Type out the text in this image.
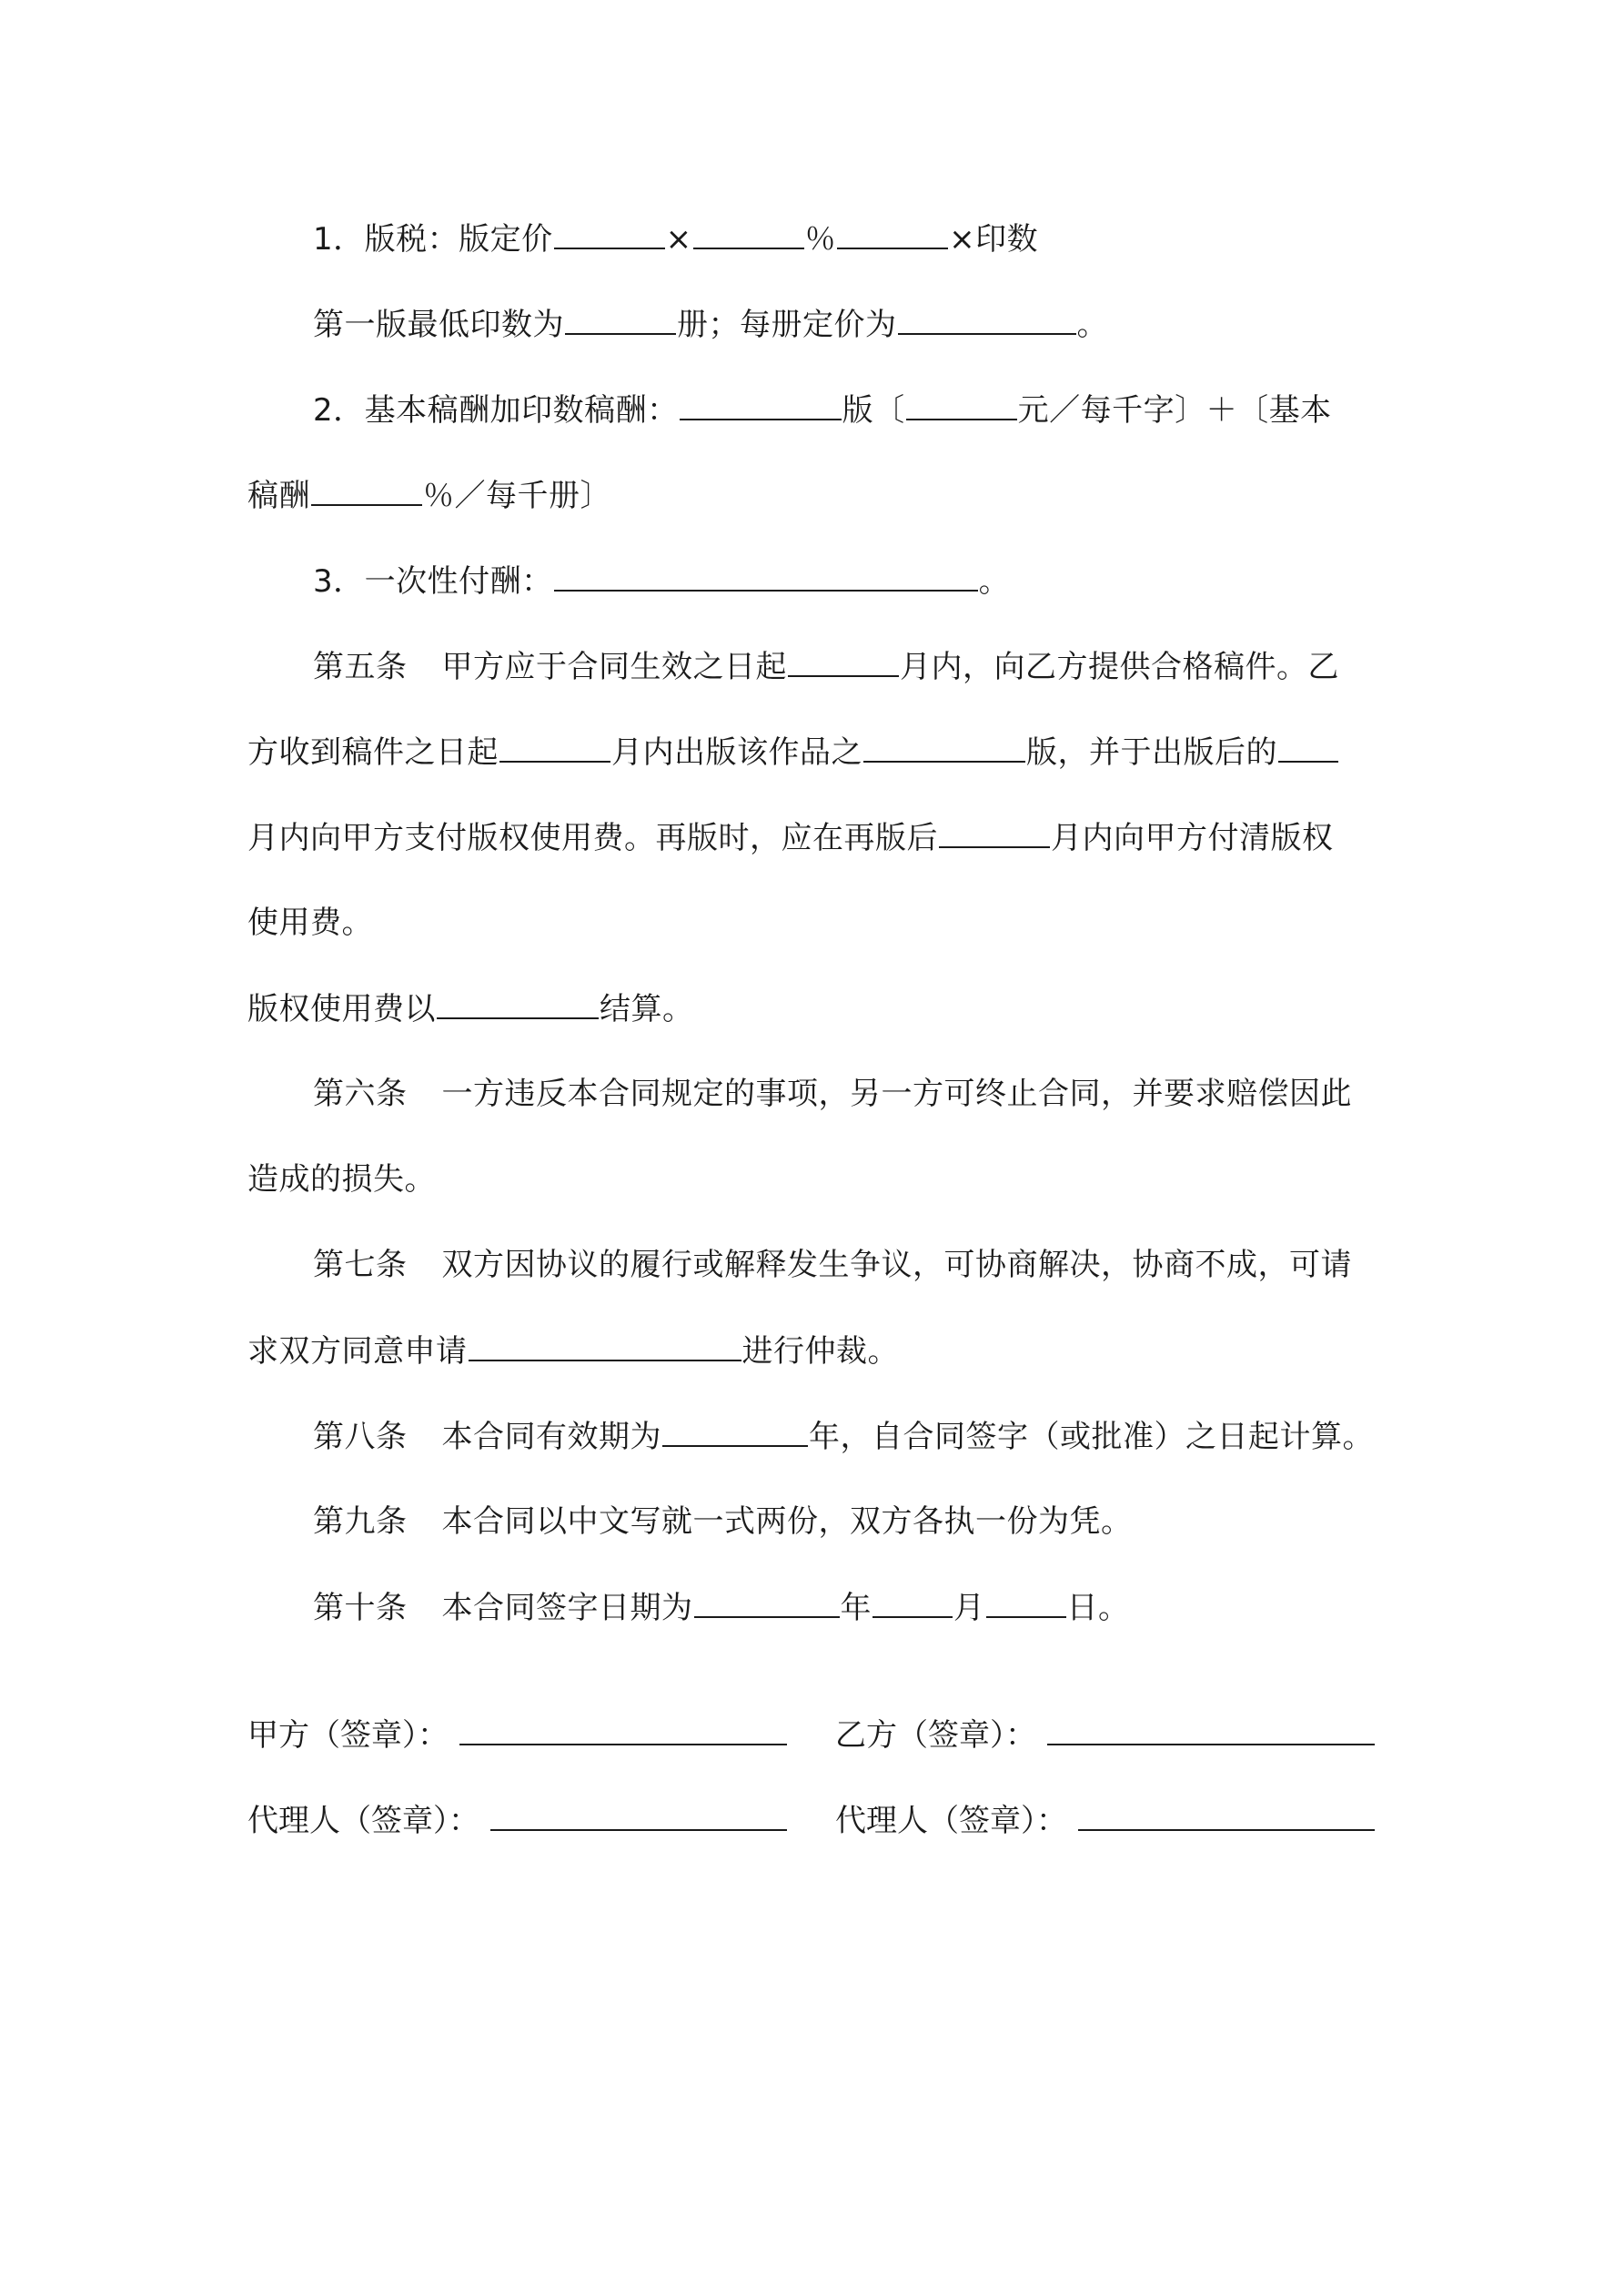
1．版税：版定价	×	％	×印数
第一版最低印数为	册；每册定价为	。
2．基本稿酬加印数稿酬：	版〔	元／每千字〕＋〔基本
稿酬	％／每千册〕
3．一次性付酬：	。
第五条 甲方应于合同生效之日起	月内，向乙方提供合格稿件。乙
方收到稿件之日起	月内出版该作品之	版，并于出版后的
月内向甲方支付版权使用费。再版时，应在再版后	月内向甲方付清版权
使用费。
版权使用费以	结算。
第六条 一方违反本合同规定的事项，另一方可终止合同，并要求赔偿因此
造成的损失。
第七条 双方因协议的履行或解释发生争议，可协商解决，协商不成，可请
求双方同意申请	进行仲裁。
第八条 本合同有效期为	年，自合同签字（或批准）之日起计算。
第九条 本合同以中文写就一式两份，双方各执一份为凭。
第十条 本合同签字日期为	年	月	日。
甲方（签章）：	乙方（签章）：
代理人（签章）：	代理人（签章）：
